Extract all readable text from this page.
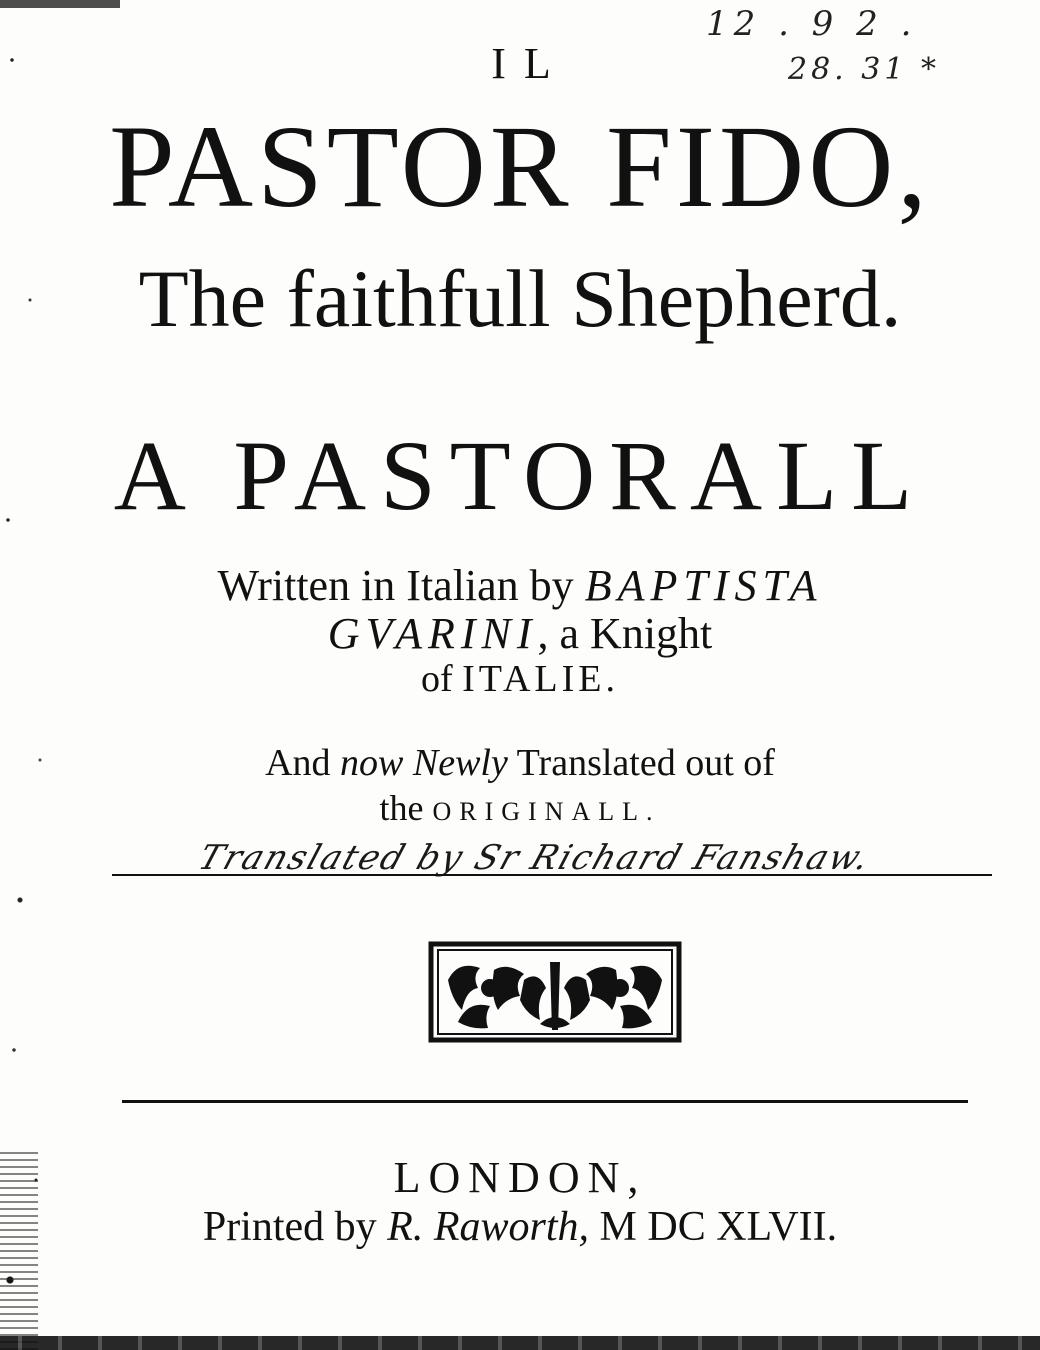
12 . 9 2 .
28. 31 *
IL
PASTOR FIDO,
The faithfull Shepherd.
A PASTORALL
Written in Italian by BAPTISTA
GVARINI, a Knight
of ITALIE.
And now Newly Translated out of
the ORIGINALL.
Translated by Sr Richard Fanshaw.
LONDON,
Printed by R. Raworth, M DC XLVII.
